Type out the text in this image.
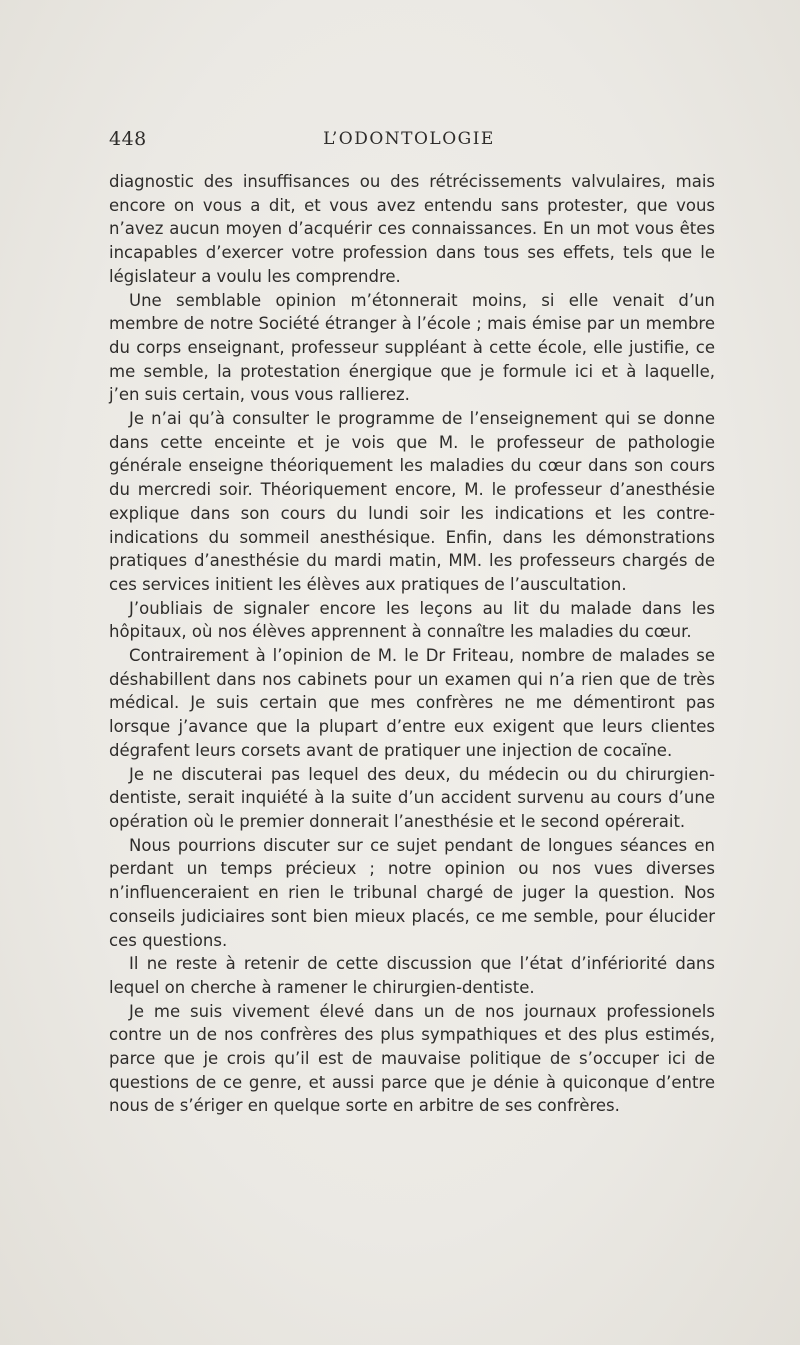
448	L’ODONTOLOGIE

diagnostic des insuffisances ou des rétrécissements valvulaires, mais encore on vous a dit, et vous avez entendu sans protester, que vous n’avez aucun moyen d’acquérir ces connaissances. En un mot vous êtes incapables d’exercer votre profession dans tous ses effets, tels que le législateur a voulu les comprendre.

Une semblable opinion m’étonnerait moins, si elle venait d’un membre de notre Société étranger à l’école ; mais émise par un membre du corps enseignant, professeur suppléant à cette école, elle justifie, ce me semble, la protestation énergique que je formule ici et à laquelle, j’en suis certain, vous vous rallierez.

Je n’ai qu’à consulter le programme de l’enseignement qui se donne dans cette enceinte et je vois que M. le professeur de pathologie générale enseigne théoriquement les maladies du cœur dans son cours du mercredi soir. Théoriquement encore, M. le professeur d’anesthésie explique dans son cours du lundi soir les indications et les contre-indications du sommeil anesthésique. Enfin, dans les démonstrations pratiques d’anesthésie du mardi matin, MM. les professeurs chargés de ces services initient les élèves aux pratiques de l’auscultation.

J’oubliais de signaler encore les leçons au lit du malade dans les hôpitaux, où nos élèves apprennent à connaître les maladies du cœur.

Contrairement à l’opinion de M. le Dr Friteau, nombre de malades se déshabillent dans nos cabinets pour un examen qui n’a rien que de très médical. Je suis certain que mes confrères ne me démentiront pas lorsque j’avance que la plupart d’entre eux exigent que leurs clientes dégrafent leurs corsets avant de pratiquer une injection de cocaïne.

Je ne discuterai pas lequel des deux, du médecin ou du chirurgien-dentiste, serait inquiété à la suite d’un accident survenu au cours d’une opération où le premier donnerait l’anesthésie et le second opérerait.

Nous pourrions discuter sur ce sujet pendant de longues séances en perdant un temps précieux ; notre opinion ou nos vues diverses n’influenceraient en rien le tribunal chargé de juger la question. Nos conseils judiciaires sont bien mieux placés, ce me semble, pour élucider ces questions.

Il ne reste à retenir de cette discussion que l’état d’infériorité dans lequel on cherche à ramener le chirurgien-dentiste.

Je me suis vivement élevé dans un de nos journaux professionels contre un de nos confrères des plus sympathiques et des plus estimés, parce que je crois qu’il est de mauvaise politique de s’occuper ici de questions de ce genre, et aussi parce que je dénie à quiconque d’entre nous de s’ériger en quelque sorte en arbitre de ses confrères.
